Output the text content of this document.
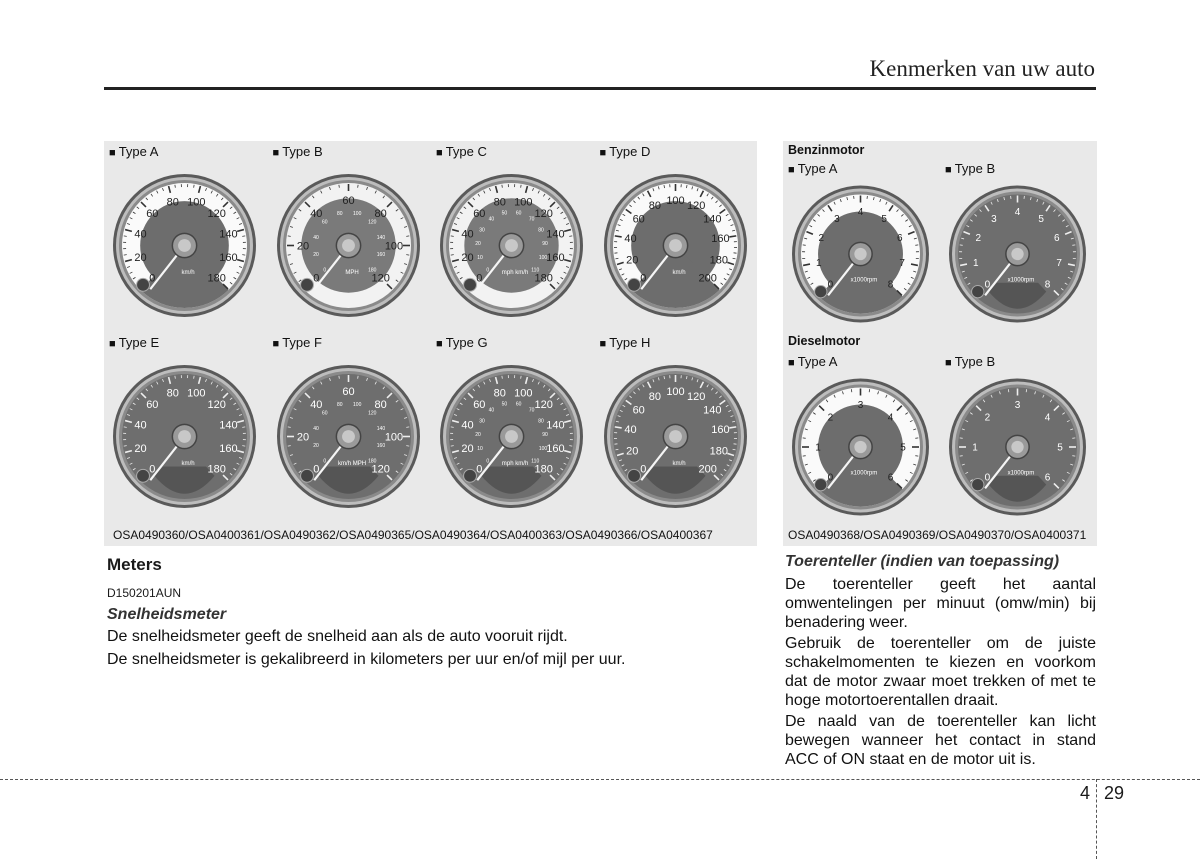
Kenmerken van uw auto
■ Type A
0
20
40
60
80 100
120
140
160
180
km/h
■ Type B
0
20
40
60
80
100
120
0
20
40
60
80 100
120
140
160
180
MPH
■ Type C
0
20
40
60
80 100
120
140
160
180
0
10
20
30
40
50 60
70
80
90
100
110
mph km/h
■ Type D
0
20
40
60
80 100 120
140
160
180
200
km/h
■ Type E
0
20
40
60
80 100
120
140
160
180
km/h
■ Type F
0
20
40
60
80
100
120
0
20
40
60
80 100
120
140
160
180
km/h MPH
■ Type G
0
20
40
60
80 100
120
140
160
180
0
10
20
30
40
50 60
70
80
90
100
110
mph km/h
■ Type H
0
20
40
60
80 100 120
140
160
180
200
km/h
OSA0490360/OSA0400361/OSA0490362/OSA0490365/OSA0490364/OSA0400363/OSA0490366/OSA0400367
Benzinmotor
Dieselmotor
■ Type A
0
1
2
3
4
5
6
7
8
x1000rpm
■ Type B
0
1
2
3
4
5
6
7
8
x1000rpm
■ Type A
0
1
2
3
4
5
6
x1000rpm
■ Type B
0
1
2
3
4
5
6
x1000rpm
OSA0490368/OSA0490369/OSA0490370/OSA0400371
Meters
D150201AUN
Snelheidsmeter
De snelheidsmeter geeft de snelheid aan als de auto vooruit rijdt.
De snelheidsmeter is gekalibreerd in kilometers per uur en/of mijl per uur.
Toerenteller (indien van toepassing)
De toerenteller geeft het aantal omwentelingen per minuut (omw/min) bij benadering weer.
Gebruik de toerenteller om de juiste schakelmomenten te kiezen en voorkom dat de motor zwaar moet trekken of met te hoge motortoerentallen draait.
De naald van de toerenteller kan licht bewegen wanneer het contact in stand ACC of ON staat en de motor uit is.
4 29
